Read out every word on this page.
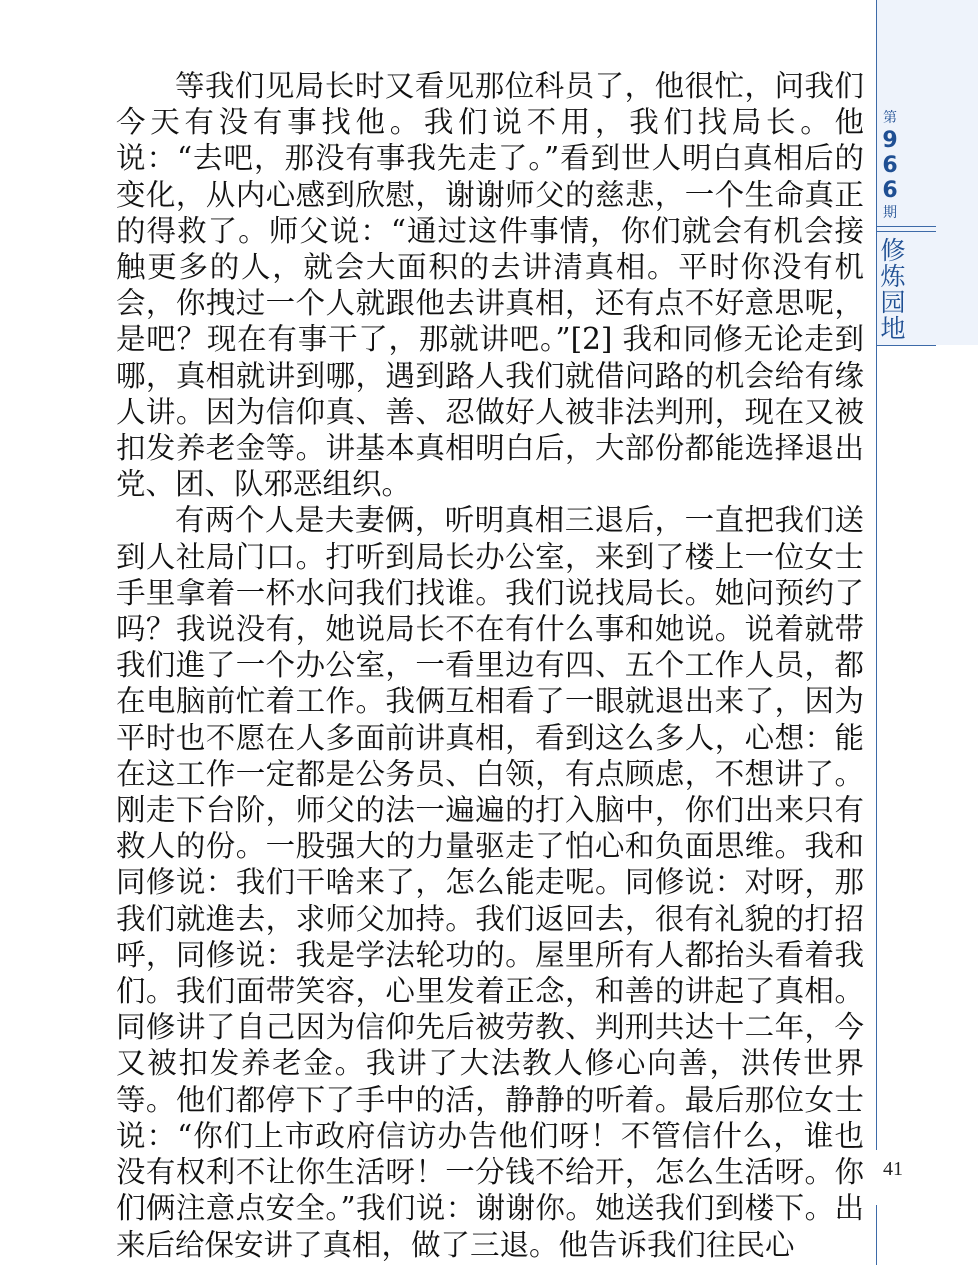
等我们见局长时又看见那位科员了，他很忙，问我们今天有没有事找他。我们说不用，我们找局长。他说：“去吧，那没有事我先走了。”看到世人明白真相后的变化，从内心感到欣慰，谢谢师父的慈悲，一个生命真正的得救了。师父说：“通过这件事情，你们就会有机会接触更多的人，就会大面积的去讲清真相。平时你没有机会，你拽过一个人就跟他去讲真相，还有点不好意思呢，是吧？现在有事干了，那就讲吧。”[2] 我和同修无论走到哪，真相就讲到哪，遇到路人我们就借问路的机会给有缘人讲。因为信仰真、善、忍做好人被非法判刑，现在又被扣发养老金等。讲基本真相明白后，大部份都能选择退出党、团、队邪恶组织。

有两个人是夫妻俩，听明真相三退后，一直把我们送到人社局门口。打听到局长办公室，来到了楼上一位女士手里拿着一杯水问我们找谁。我们说找局长。她问预约了吗？我说没有，她说局长不在有什么事和她说。说着就带我们進了一个办公室，一看里边有四、五个工作人员，都在电脑前忙着工作。我俩互相看了一眼就退出来了，因为平时也不愿在人多面前讲真相，看到这么多人，心想：能在这工作一定都是公务员、白领，有点顾虑，不想讲了。刚走下台阶，师父的法一遍遍的打入脑中，你们出来只有救人的份。一股强大的力量驱走了怕心和负面思维。我和同修说：我们干啥来了，怎么能走呢。同修说：对呀，那我们就進去，求师父加持。我们返回去，很有礼貌的打招呼，同修说：我是学法轮功的。屋里所有人都抬头看着我们。我们面带笑容，心里发着正念，和善的讲起了真相。同修讲了自己因为信仰先后被劳教、判刑共达十二年，今又被扣发养老金。我讲了大法教人修心向善，洪传世界等。他们都停下了手中的活，静静的听着。最后那位女士说：“你们上市政府信访办告他们呀！不管信什么，谁也没有权利不让你生活呀！一分钱不给开，怎么生活呀。你们俩注意点安全。”我们说：谢谢你。她送我们到楼下。出来后给保安讲了真相，做了三退。他告诉我们往民心

第
9
6
6
期
修炼园地
41
